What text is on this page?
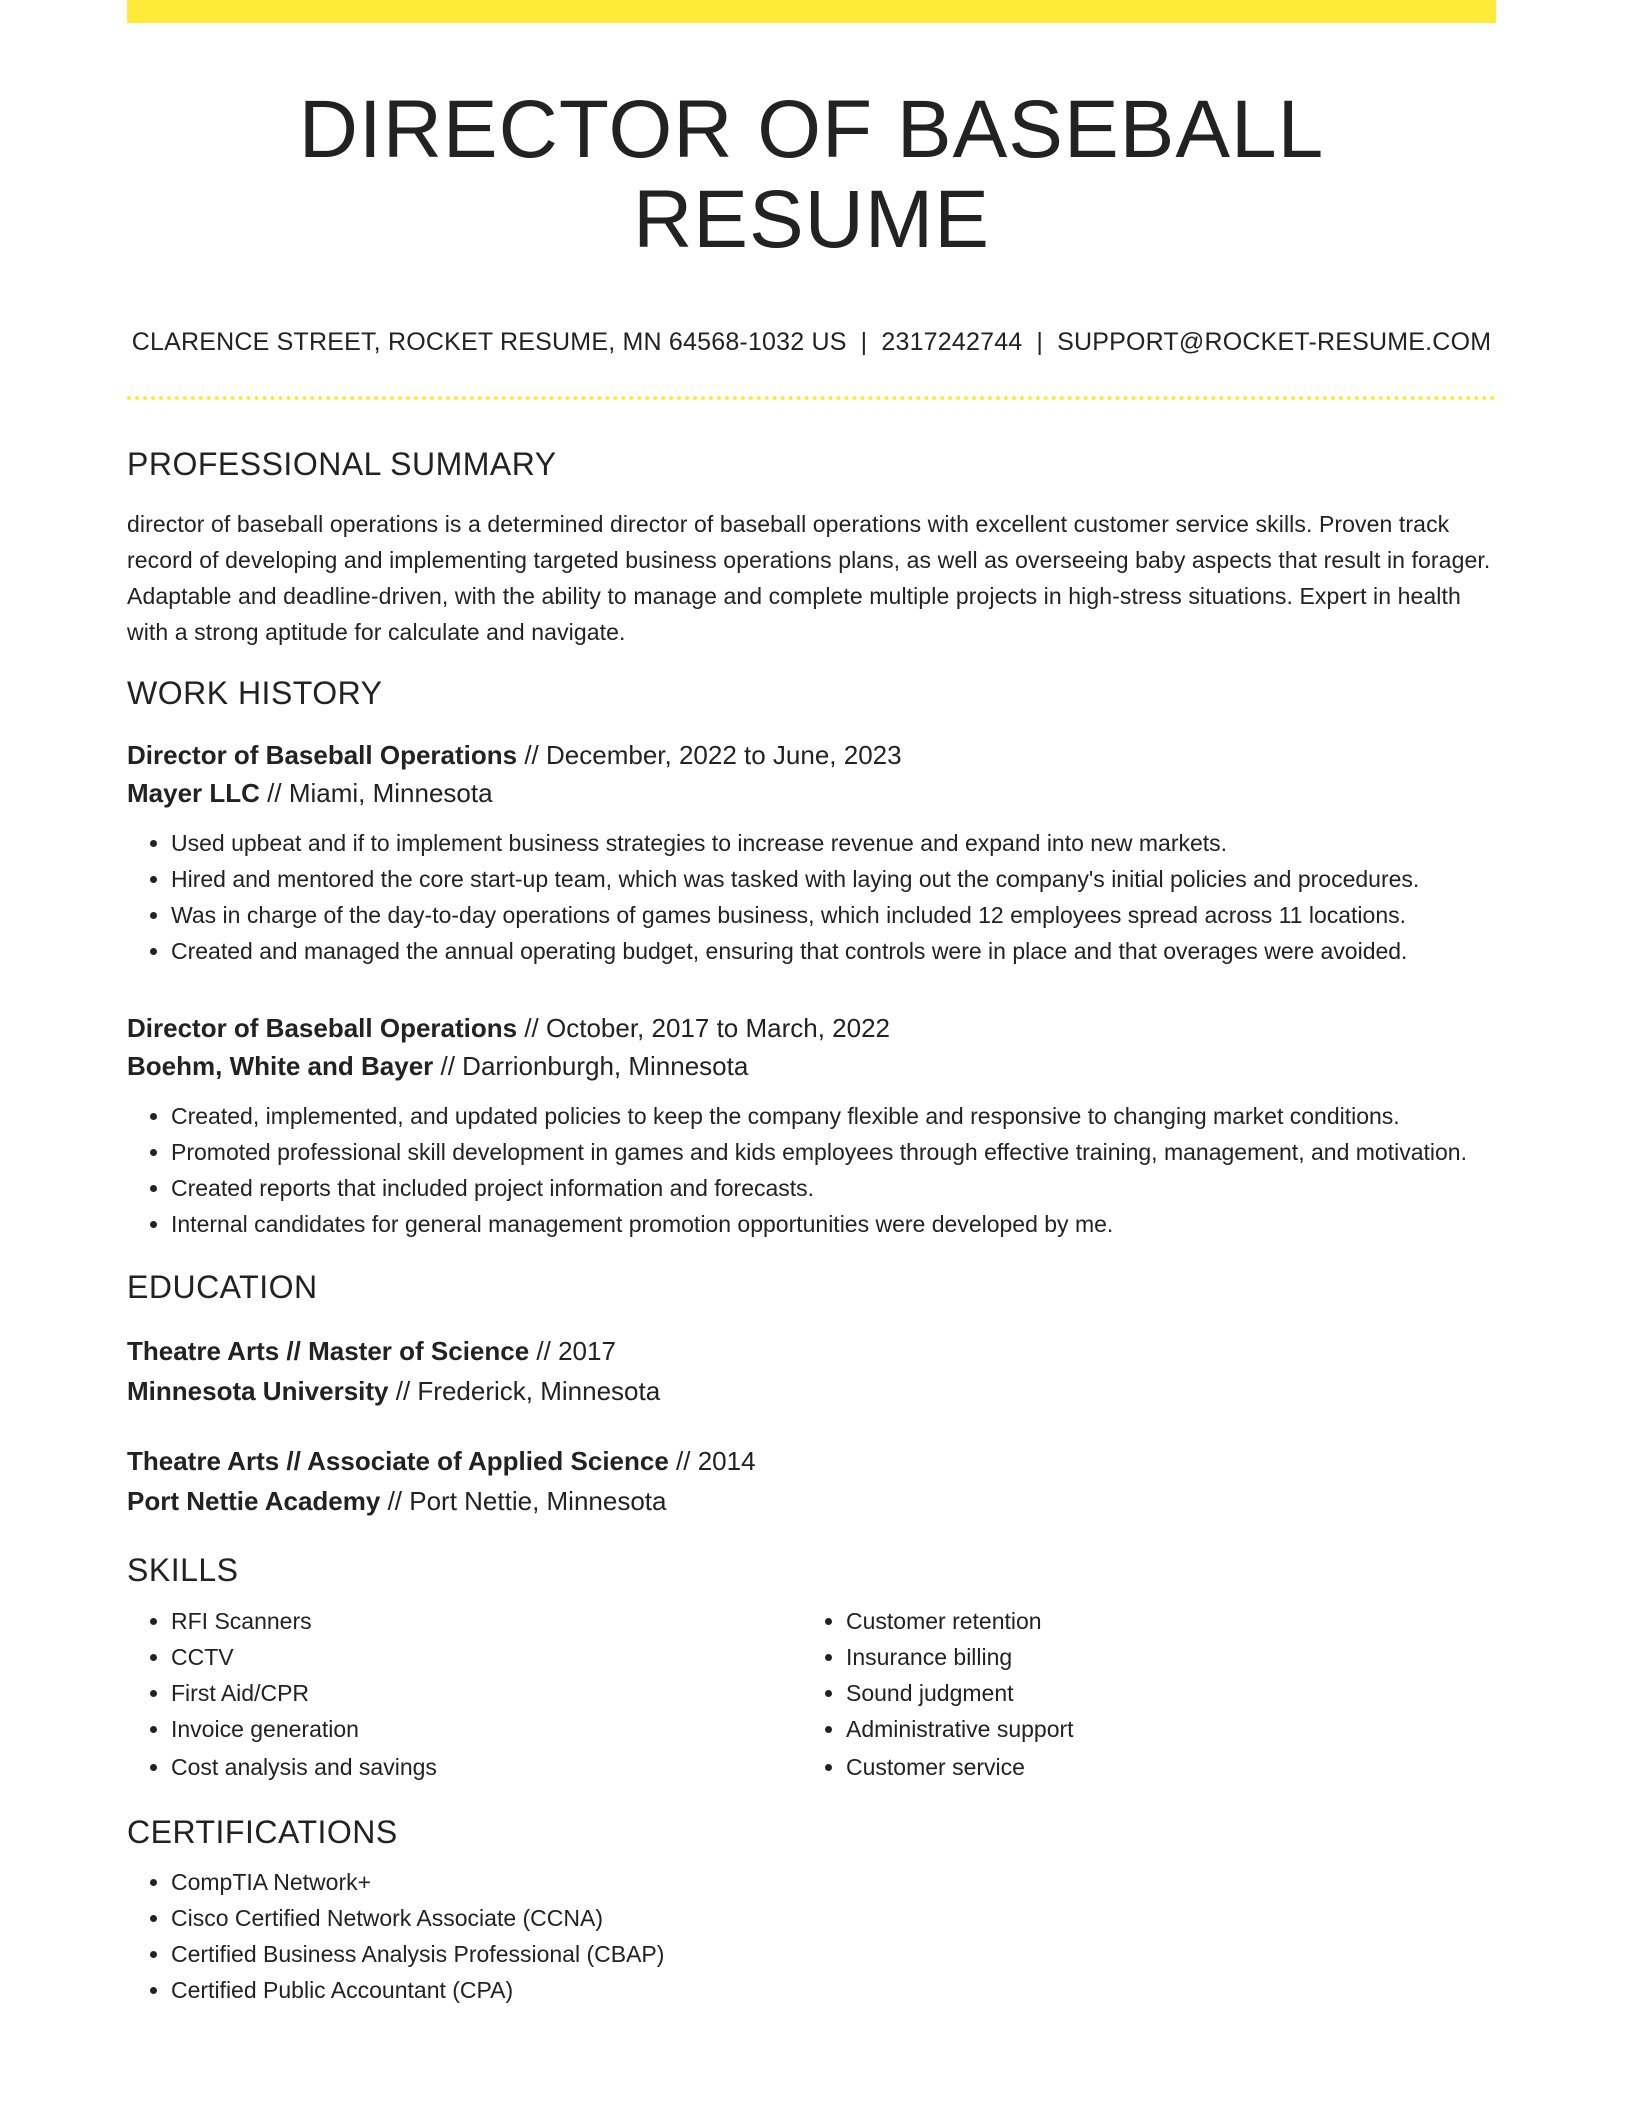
DIRECTOR OF BASEBALL RESUME
CLARENCE STREET, ROCKET RESUME, MN 64568-1032 US | 2317242744 | SUPPORT@ROCKET-RESUME.COM
PROFESSIONAL SUMMARY

director of baseball operations is a determined director of baseball operations with excellent customer service skills. Proven track record of developing and implementing targeted business operations plans, as well as overseeing baby aspects that result in forager. Adaptable and deadline-driven, with the ability to manage and complete multiple projects in high-stress situations. Expert in health with a strong aptitude for calculate and navigate.

WORK HISTORY
Director of Baseball Operations // December, 2022 to June, 2023
Mayer LLC // Miami, Minnesota
• Used upbeat and if to implement business strategies to increase revenue and expand into new markets.
• Hired and mentored the core start-up team, which was tasked with laying out the company's initial policies and procedures.
• Was in charge of the day-to-day operations of games business, which included 12 employees spread across 11 locations.
• Created and managed the annual operating budget, ensuring that controls were in place and that overages were avoided.
Director of Baseball Operations // October, 2017 to March, 2022
Boehm, White and Bayer // Darrionburgh, Minnesota
• Created, implemented, and updated policies to keep the company flexible and responsive to changing market conditions.
• Promoted professional skill development in games and kids employees through effective training, management, and motivation.
• Created reports that included project information and forecasts.
• Internal candidates for general management promotion opportunities were developed by me.
EDUCATION
Theatre Arts // Master of Science // 2017
Minnesota University // Frederick, Minnesota
Theatre Arts // Associate of Applied Science // 2014
Port Nettie Academy // Port Nettie, Minnesota
SKILLS
• RFI Scanners
• CCTV
• First Aid/CPR
• Invoice generation
• Cost analysis and savings
• Customer retention
• Insurance billing
• Sound judgment
• Administrative support
• Customer service
CERTIFICATIONS
• CompTIA Network+
• Cisco Certified Network Associate (CCNA)
• Certified Business Analysis Professional (CBAP)
• Certified Public Accountant (CPA)
